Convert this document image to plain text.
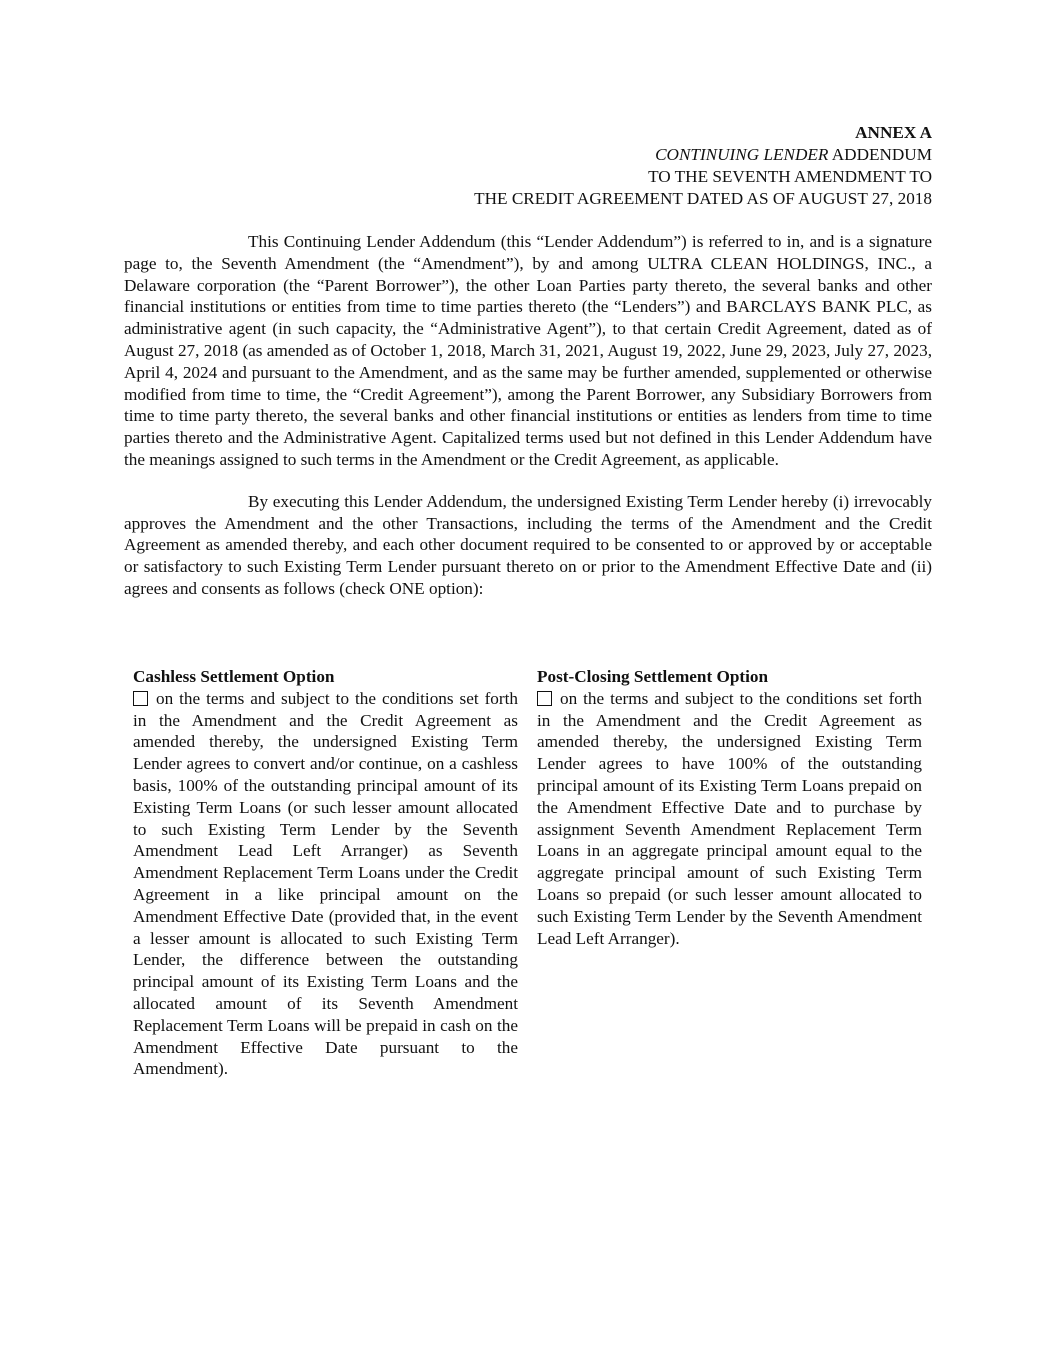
ANNEX A
CONTINUING LENDER ADDENDUM
TO THE SEVENTH AMENDMENT TO
THE CREDIT AGREEMENT DATED AS OF AUGUST 27, 2018

This Continuing Lender Addendum (this “Lender Addendum”) is referred to in, and is a signature page to, the Seventh Amendment (the “Amendment”), by and among ULTRA CLEAN HOLDINGS, INC., a Delaware corporation (the “Parent Borrower”), the other Loan Parties party thereto, the several banks and other financial institutions or entities from time to time parties thereto (the “Lenders”) and BARCLAYS BANK PLC, as administrative agent (in such capacity, the “Administrative Agent”), to that certain Credit Agreement, dated as of August 27, 2018 (as amended as of October 1, 2018, March 31, 2021, August 19, 2022, June 29, 2023, July 27, 2023, April 4, 2024 and pursuant to the Amendment, and as the same may be further amended, supplemented or otherwise modified from time to time, the “Credit Agreement”), among the Parent Borrower, any Subsidiary Borrowers from time to time party thereto, the several banks and other financial institutions or entities as lenders from time to time parties thereto and the Administrative Agent. Capitalized terms used but not defined in this Lender Addendum have the meanings assigned to such terms in the Amendment or the Credit Agreement, as applicable.

By executing this Lender Addendum, the undersigned Existing Term Lender hereby (i) irrevocably approves the Amendment and the other Transactions, including the terms of the Amendment and the Credit Agreement as amended thereby, and each other document required to be consented to or approved by or acceptable or satisfactory to such Existing Term Lender pursuant thereto on or prior to the Amendment Effective Date and (ii) agrees and consents as follows (check ONE option):

Cashless Settlement Option
on the terms and subject to the conditions set forth in the Amendment and the Credit Agreement as amended thereby, the undersigned Existing Term Lender agrees to convert and/or continue, on a cashless basis, 100% of the outstanding principal amount of its Existing Term Loans (or such lesser amount allocated to such Existing Term Lender by the Seventh Amendment Lead Left Arranger) as Seventh Amendment Replacement Term Loans under the Credit Agreement in a like principal amount on the Amendment Effective Date (provided that, in the event a lesser amount is allocated to such Existing Term Lender, the difference between the outstanding principal amount of its Existing Term Loans and the allocated amount of its Seventh Amendment Replacement Term Loans will be prepaid in cash on the Amendment Effective Date pursuant to the Amendment).
Post-Closing Settlement Option
on the terms and subject to the conditions set forth in the Amendment and the Credit Agreement as amended thereby, the undersigned Existing Term Lender agrees to have 100% of the outstanding principal amount of its Existing Term Loans prepaid on the Amendment Effective Date and to purchase by assignment Seventh Amendment Replacement Term Loans in an aggregate principal amount equal to the aggregate principal amount of such Existing Term Loans so prepaid (or such lesser amount allocated to such Existing Term Lender by the Seventh Amendment Lead Left Arranger).
